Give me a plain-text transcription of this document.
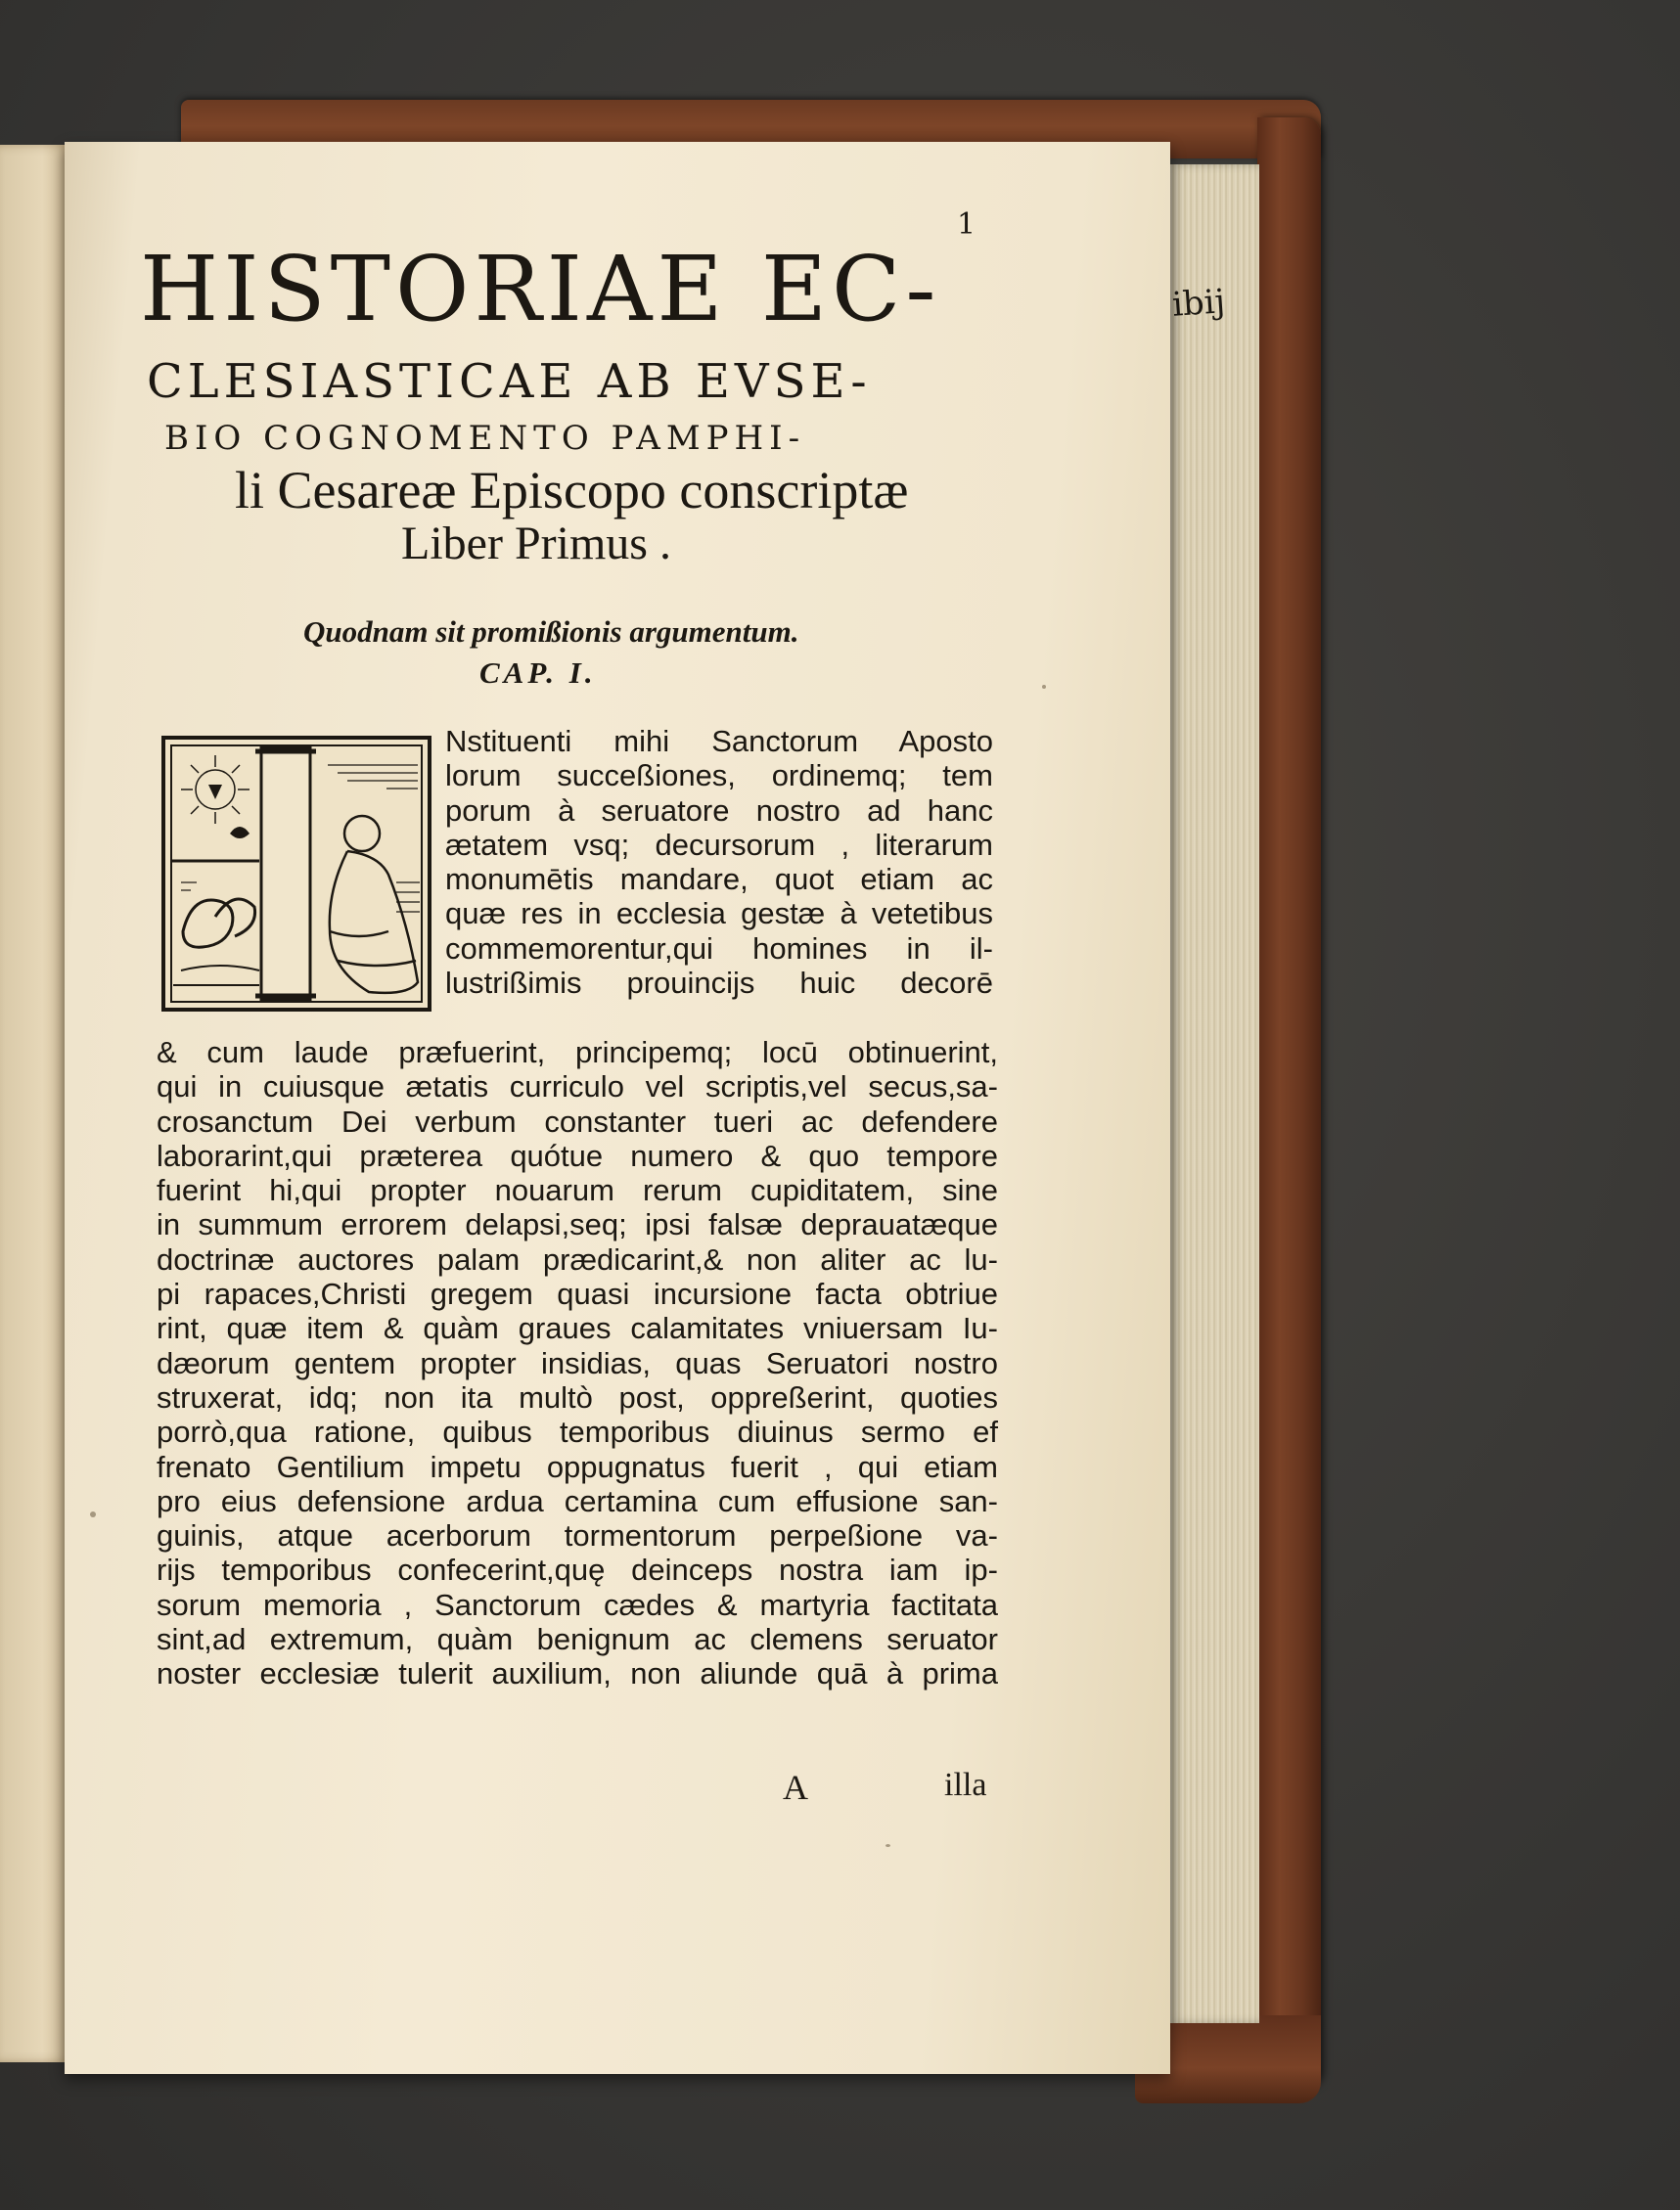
ibij
1
HISTORIAE EC-
CLESIASTICAE AB EVSE-
BIO COGNOMENTO PAMPHI-
li Cesareæ Episcopo conscriptæ
Liber Primus .
Quodnam sit promißionis argumentum.
CAP. I.
Nstituenti mihi Sanctorum Aposto
lorum succeßiones, ordinemq; tem
porum à seruatore nostro ad hanc
ætatem vsq; decursorum , literarum
monumētis mandare, quot etiam ac
quæ res in ecclesia gestæ à vetetibus
commemorentur,qui homines in il-
lustrißimis prouincijs huic decorē
& cum laude præfuerint, principemq; locū obtinuerint,
qui in cuiusque ætatis curriculo vel scriptis,vel secus,sa-
crosanctum Dei verbum constanter tueri ac defendere
laborarint,qui præterea quótue numero & quo tempore
fuerint hi,qui propter nouarum rerum cupiditatem, sine
in summum errorem delapsi,seq; ipsi falsæ deprauatæque
doctrinæ auctores palam prædicarint,& non aliter ac lu-
pi rapaces,Christi gregem quasi incursione facta obtriue
rint, quæ item & quàm graues calamitates vniuersam Iu-
dæorum gentem propter insidias, quas Seruatori nostro
struxerat, idq; non ita multò post, oppreßerint, quoties
porrò,qua ratione, quibus temporibus diuinus sermo ef
frenato Gentilium impetu oppugnatus fuerit , qui etiam
pro eius defensione ardua certamina cum effusione san-
guinis, atque acerborum tormentorum perpeßione va-
rijs temporibus confecerint,quę deinceps nostra iam ip-
sorum memoria , Sanctorum cædes & martyria factitata
sint,ad extremum, quàm benignum ac clemens seruator
noster ecclesiæ tulerit auxilium, non aliunde quā à prima
A	illa
